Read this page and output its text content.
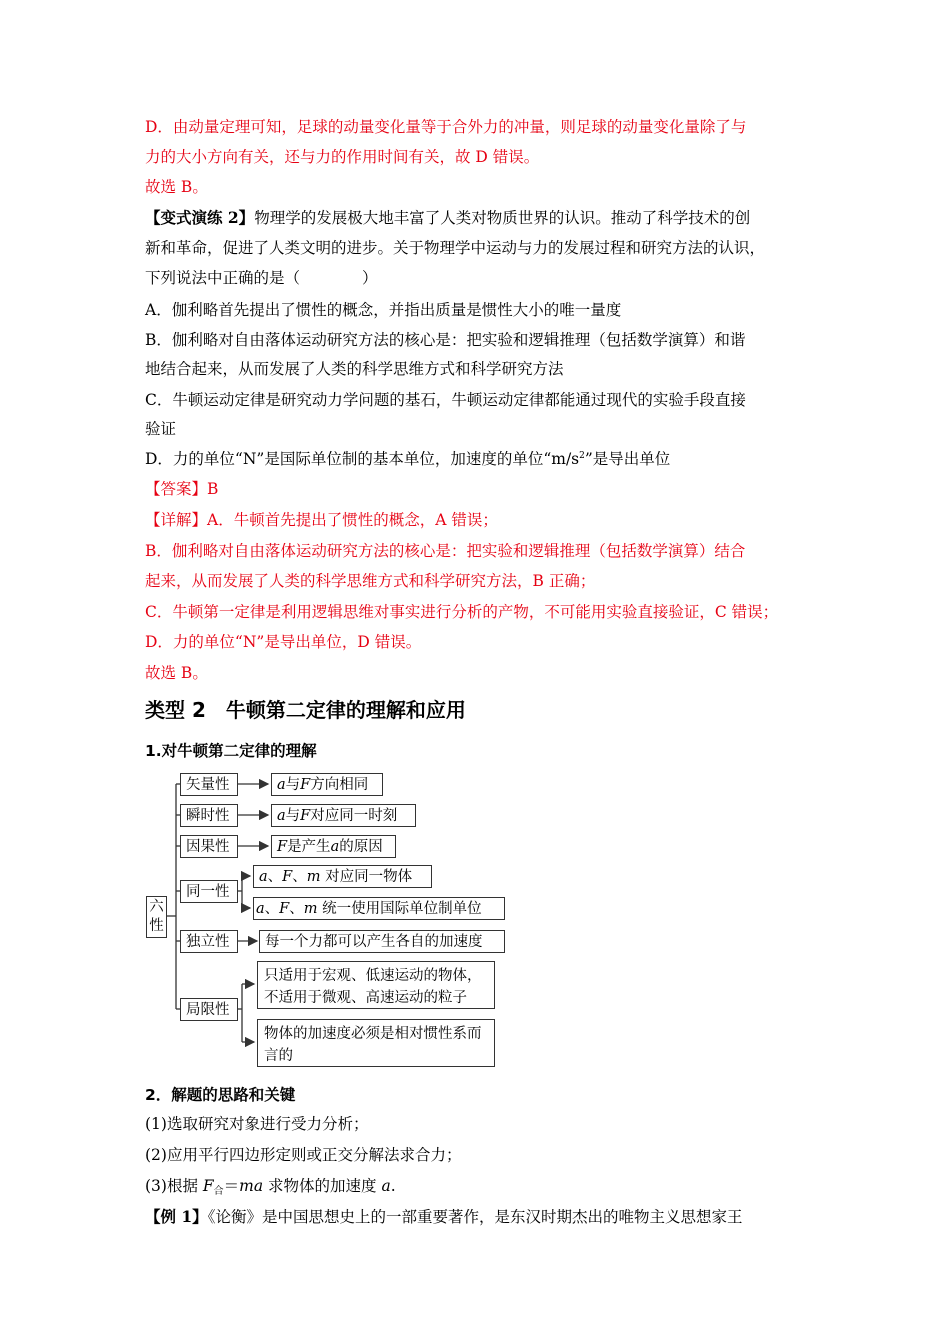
D．由动量定理可知，足球的动量变化量等于合外力的冲量，则足球的动量变化量除了与
力的大小方向有关，还与力的作用时间有关，故 D 错误。
故选 B。
【变式演练 2】物理学的发展极大地丰富了人类对物质世界的认识。推动了科学技术的创
新和革命，促进了人类文明的进步。关于物理学中运动与力的发展过程和研究方法的认识，
下列说法中正确的是（　　　　）
A．伽利略首先提出了惯性的概念，并指出质量是惯性大小的唯一量度
B．伽利略对自由落体运动研究方法的核心是：把实验和逻辑推理（包括数学演算）和谐
地结合起来，从而发展了人类的科学思维方式和科学研究方法
C．牛顿运动定律是研究动力学问题的基石，牛顿运动定律都能通过现代的实验手段直接
验证
D．力的单位“N”是国际单位制的基本单位，加速度的单位“$m/s^2$”是导出单位
【答案】B
【详解】A．牛顿首先提出了惯性的概念，A 错误；
B．伽利略对自由落体运动研究方法的核心是：把实验和逻辑推理（包括数学演算）结合
起来，从而发展了人类的科学思维方式和科学研究方法，B 正确；
C．牛顿第一定律是利用逻辑思维对事实进行分析的产物，不可能用实验直接验证，C 错误；
D．力的单位“N”是导出单位，D 错误。
故选 B。
类型 2　牛顿第二定律的理解和应用
1.对牛顿第二定律的理解
六性
矢量性	a与F方向相同
瞬时性	a与F对应同一时刻
因果性	F是产生a的原因
同一性
a、F、m 对应同一物体
a、F、m 统一使用国际单位制单位
独立性	每一个力都可以产生各自的加速度
局限性
只适用于宏观、低速运动的物体，不适用于微观、高速运动的粒子
物体的加速度必须是相对惯性系而言的
2．解题的思路和关键
(1)选取研究对象进行受力分析；
(2)应用平行四边形定则或正交分解法求合力；
(3)根据 F合＝ma 求物体的加速度 a.
【例 1】《论衡》是中国思想史上的一部重要著作，是东汉时期杰出的唯物主义思想家王
